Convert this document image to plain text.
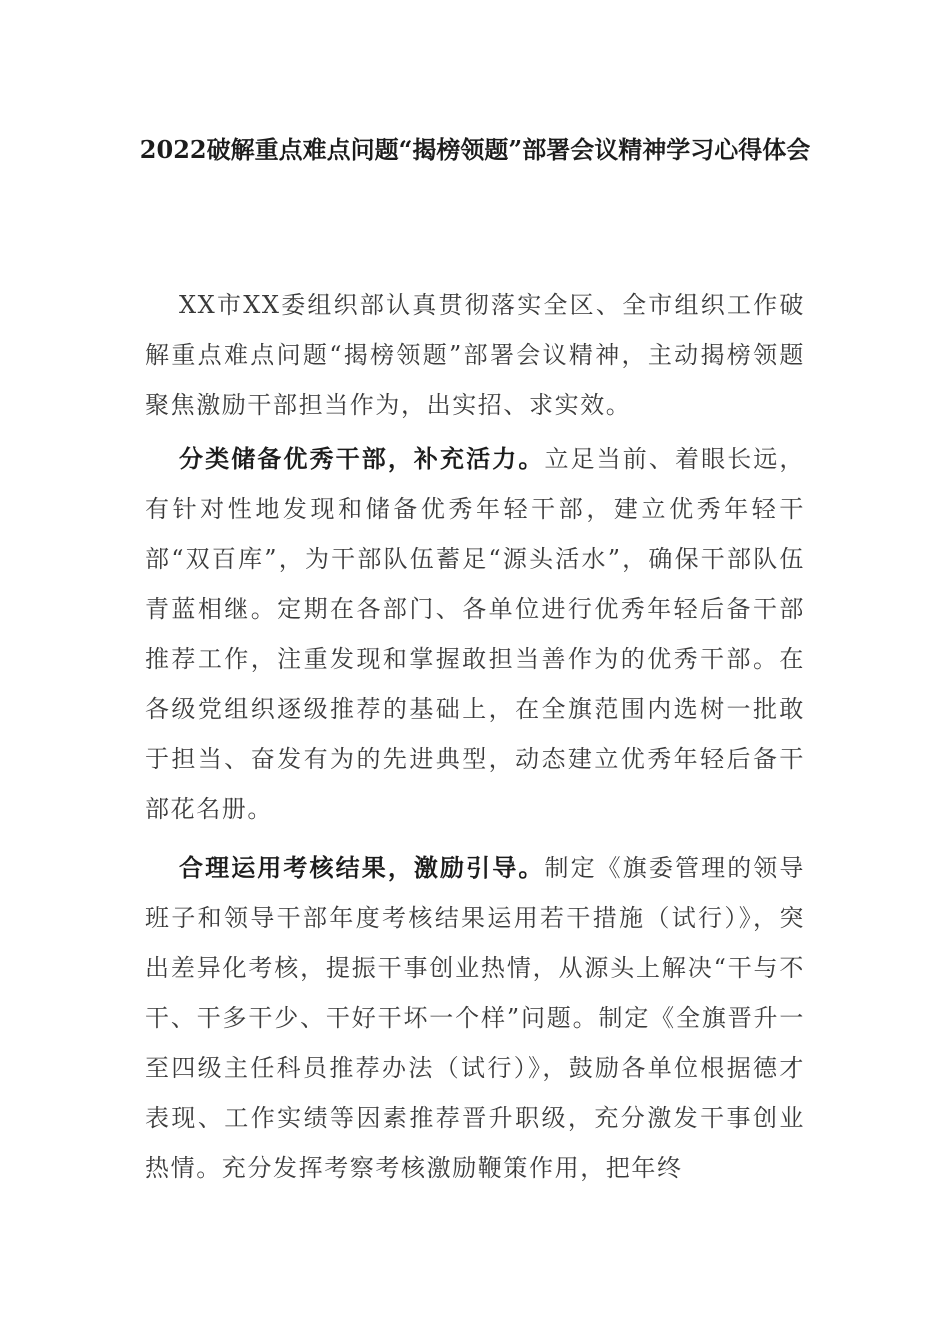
2022破解重点难点问题“揭榜领题”部署会议精神学习心得体会

XX市XX委组织部认真贯彻落实全区、全市组织工作破解重点难点问题“揭榜领题”部署会议精神，主动揭榜领题聚焦激励干部担当作为，出实招、求实效。

分类储备优秀干部，补充活力。立足当前、着眼长远，有针对性地发现和储备优秀年轻干部，建立优秀年轻干部“双百库”，为干部队伍蓄足“源头活水”，确保干部队伍青蓝相继。定期在各部门、各单位进行优秀年轻后备干部推荐工作，注重发现和掌握敢担当善作为的优秀干部。在各级党组织逐级推荐的基础上，在全旗范围内选树一批敢于担当、奋发有为的先进典型，动态建立优秀年轻后备干部花名册。

合理运用考核结果，激励引导。制定《旗委管理的领导班子和领导干部年度考核结果运用若干措施（试行）》，突出差异化考核，提振干事创业热情，从源头上解决“干与不干、干多干少、干好干坏一个样”问题。制定《全旗晋升一至四级主任科员推荐办法（试行）》，鼓励各单位根据德才表现、工作实绩等因素推荐晋升职级，充分激发干事创业热情。充分发挥考察考核激励鞭策作用，把年终
